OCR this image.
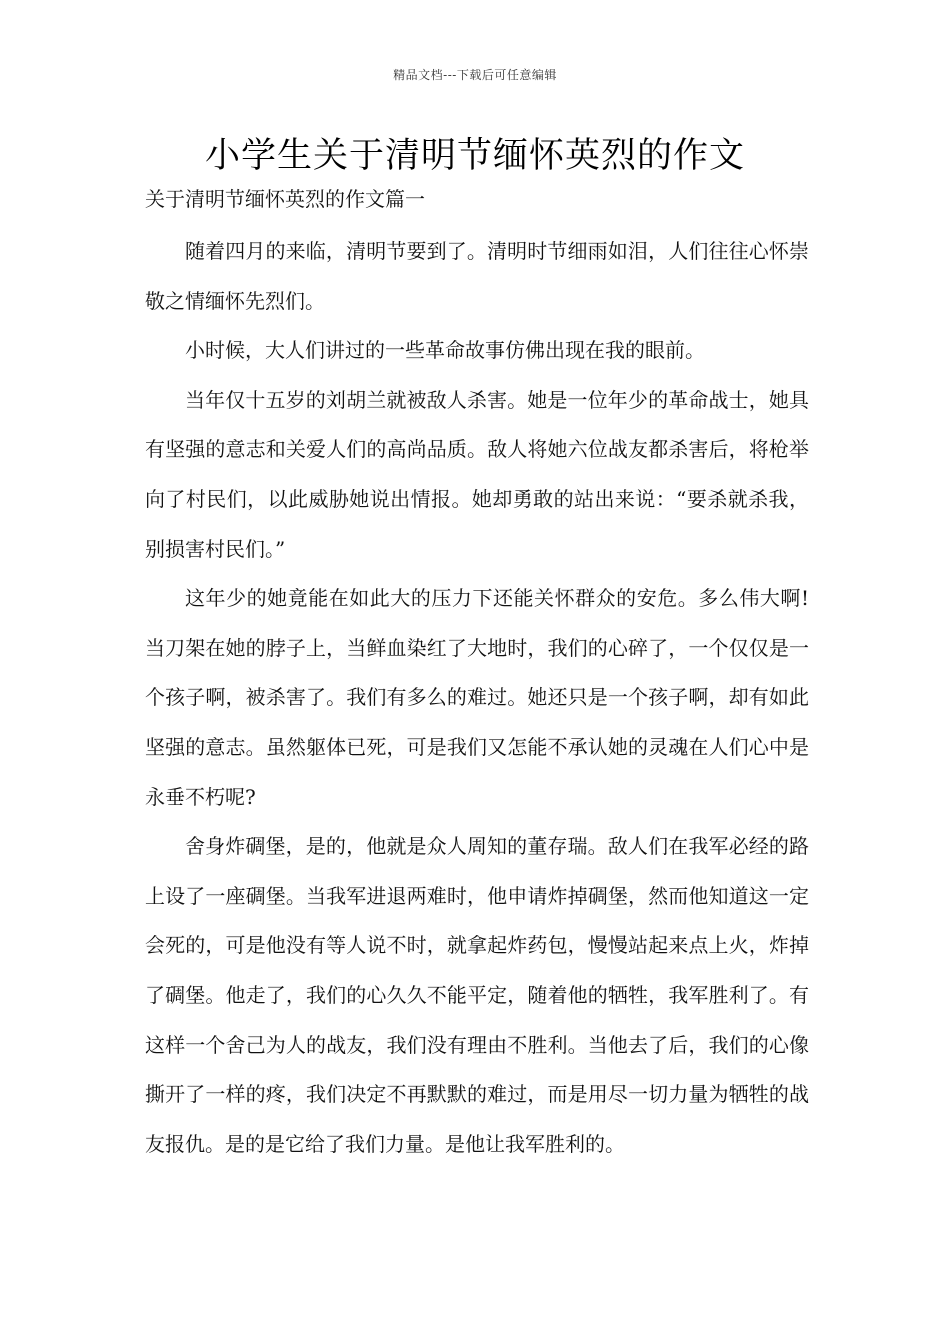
精品文档---下载后可任意编辑
小学生关于清明节缅怀英烈的作文
关于清明节缅怀英烈的作文篇一

随着四月的来临，清明节要到了。清明时节细雨如泪，人们往往心怀崇敬之情缅怀先烈们。

小时候，大人们讲过的一些革命故事仿佛出现在我的眼前。

当年仅十五岁的刘胡兰就被敌人杀害。她是一位年少的革命战士，她具有坚强的意志和关爱人们的高尚品质。敌人将她六位战友都杀害后，将枪举向了村民们，以此威胁她说出情报。她却勇敢的站出来说：“要杀就杀我，别损害村民们。”

这年少的她竟能在如此大的压力下还能关怀群众的安危。多么伟大啊!当刀架在她的脖子上，当鲜血染红了大地时，我们的心碎了，一个仅仅是一个孩子啊，被杀害了。我们有多么的难过。她还只是一个孩子啊，却有如此坚强的意志。虽然躯体已死，可是我们又怎能不承认她的灵魂在人们心中是永垂不朽呢?

舍身炸碉堡，是的，他就是众人周知的董存瑞。敌人们在我军必经的路上设了一座碉堡。当我军进退两难时，他申请炸掉碉堡，然而他知道这一定会死的，可是他没有等人说不时，就拿起炸药包，慢慢站起来点上火，炸掉了碉堡。他走了，我们的心久久不能平定，随着他的牺牲，我军胜利了。有这样一个舍己为人的战友，我们没有理由不胜利。当他去了后，我们的心像撕开了一样的疼，我们决定不再默默的难过，而是用尽一切力量为牺牲的战友报仇。是的是它给了我们力量。是他让我军胜利的。
